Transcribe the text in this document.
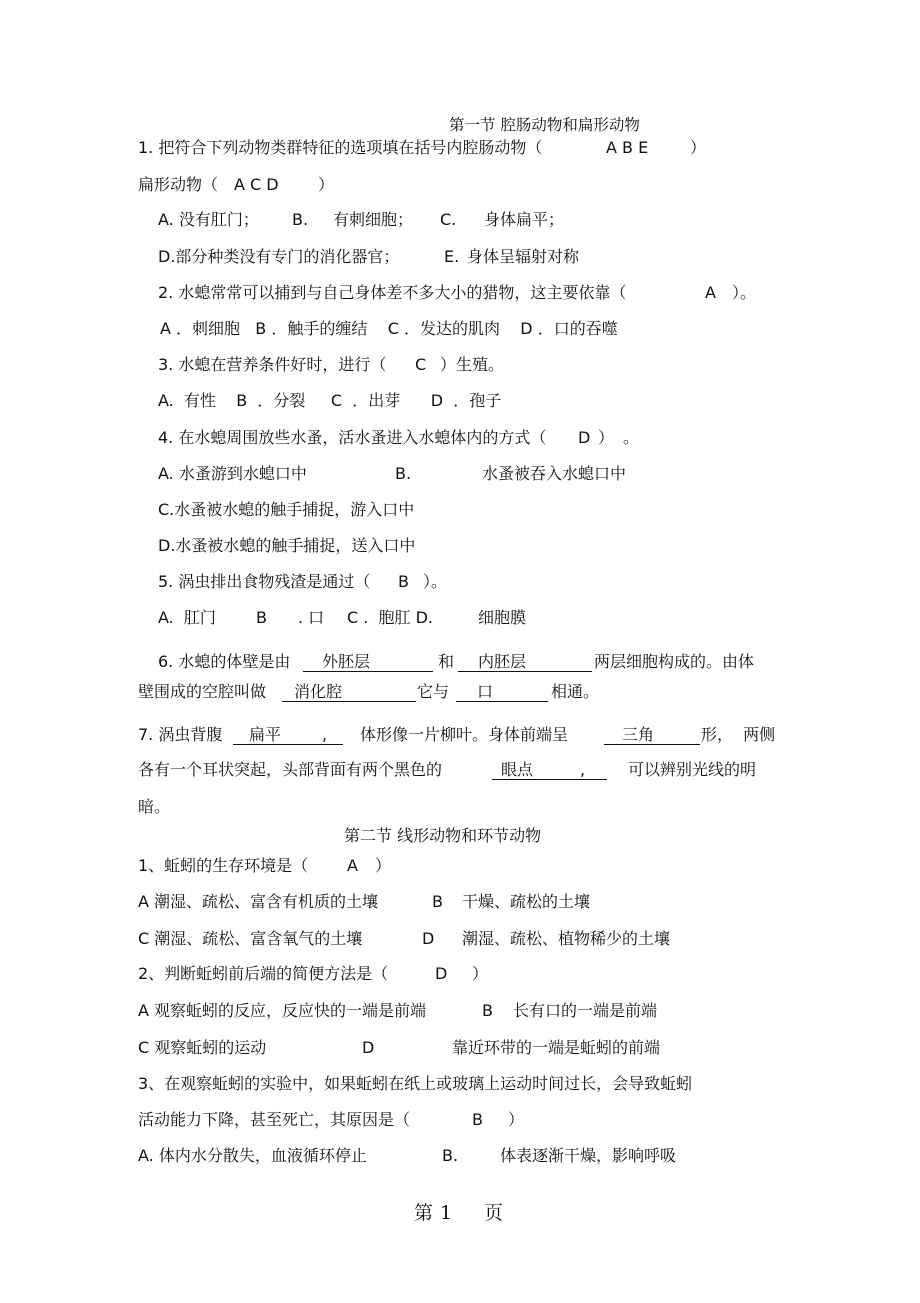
第一节 腔肠动物和扁形动物
1. 把符合下列动物类群特征的选项填在括号内腔肠动物（	A B E	）
扁形动物（ A C D ）
A. 没有肛门； B. 有刺细胞； C. 身体扁平；
D.部分种类没有专门的消化器官；	E. 身体呈辐射对称
2. 水螅常常可以捕到与自己身体差不多大小的猎物，这主要依靠（	A ）。
A ．刺细胞   B ．触手的缠结    C ．发达的肌肉    D ．口的吞噬
3. 水螅在营养条件好时，进行（ C ）生殖。
A.  有性    B  ．分裂     C  ．出芽      D  ．孢子
4. 在水螅周围放些水蚤，活水蚤进入水螅体内的方式（ D ） 。
A. 水蚤游到水螅口中	B.	水蚤被吞入水螅口中
C.水蚤被水螅的触手捕捉，游入口中
D.水蚤被水螅的触手捕捉，送入口中
5. 涡虫排出食物残渣是通过（ B ）。
A.  肛门	B . 口 C .  胞肛 D.	细胞膜
6. 水螅的体壁是由 外胚层	和 内胚层	两层细胞构成的。由体
壁围成的空腔叫做 消化腔	它与 口	相通。
7. 涡虫背腹 扁平	, 体形像一片柳叶。身体前端呈	三角	形，  两侧
各有一个耳状突起，头部背面有两个黑色的	眼点	,	可以辨别光线的明
暗。
第二节 线形动物和环节动物
1、蚯蚓的生存环境是（ A ）
A 潮湿、疏松、富含有机质的土壤	B 干燥、疏松的土壤
C 潮湿、疏松、富含氧气的土壤	D 潮湿、疏松、植物稀少的土壤
2、判断蚯蚓前后端的简便方法是（	D ）
A 观察蚯蚓的反应，反应快的一端是前端	B 长有口的一端是前端
C 观察蚯蚓的运动	D	靠近环带的一端是蚯蚓的前端
3、在观察蚯蚓的实验中，如果蚯蚓在纸上或玻璃上运动时间过长，会导致蚯蚓
活动能力下降，甚至死亡，其原因是（	B ）
A. 体内水分散失，血液循环停止	B.	体表逐渐干燥，影响呼吸
第 1 页
